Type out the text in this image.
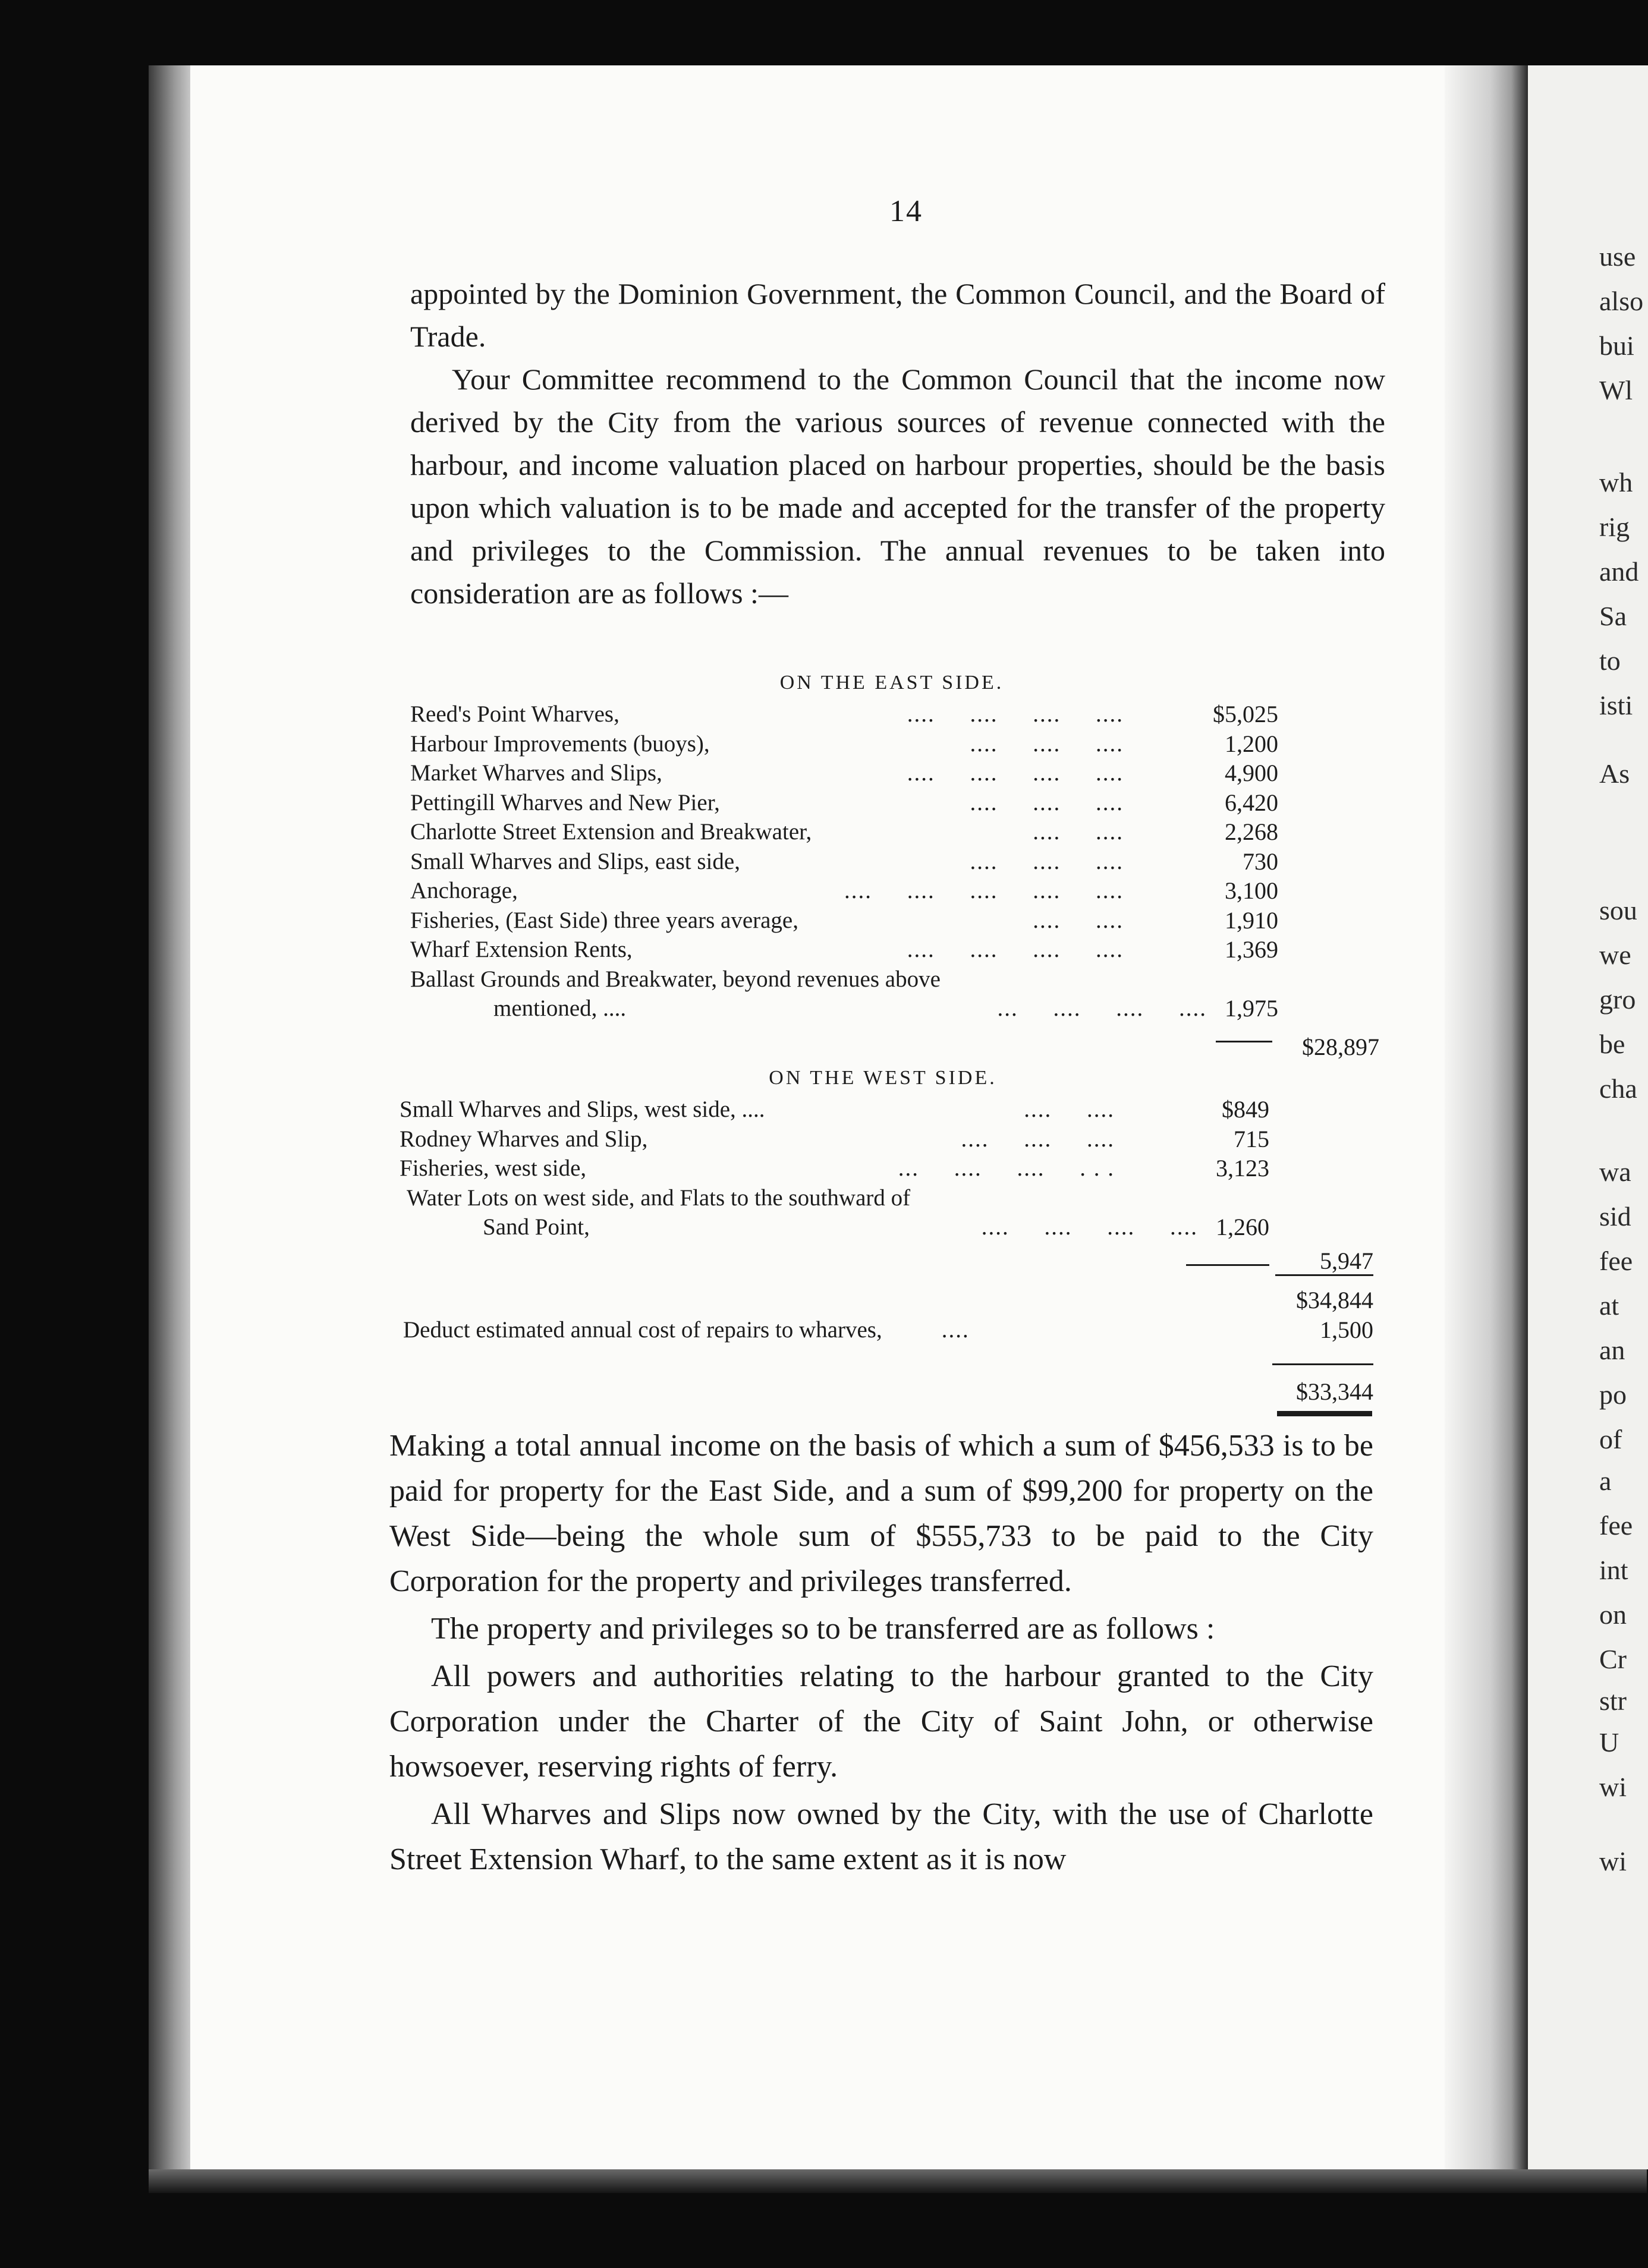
14

appointed by the Dominion Government, the Common Council, and the Board of Trade.

Your Committee recommend to the Common Council that the income now derived by the City from the various sources of revenue connected with the harbour, and income valuation placed on harbour properties, should be the basis upon which valuation is to be made and accepted for the transfer of the property and privileges to the Commission. The annual revenues to be taken into consideration are as follows :—

ON THE EAST SIDE.
Reed's Point Wharves,	....     ....     ....     ....	$5,025
Harbour Improvements (buoys),	....     ....     ....	1,200
Market Wharves and Slips,	....     ....     ....     ....	4,900
Pettingill Wharves and New Pier,	....     ....     ....	6,420
Charlotte Street Extension and Breakwater,	....     ....	2,268
Small Wharves and Slips, east side,	....     ....     ....	730
Anchorage,	....     ....     ....     ....     ....	3,100
Fisheries, (East Side) three years average,	....     ....	1,910
Wharf Extension Rents,	....     ....     ....     ....	1,369
Ballast Grounds and Breakwater, beyond revenues above
mentioned, ....	...     ....     ....     .... 1,975
$28,897
ON THE WEST SIDE.
Small Wharves and Slips, west side, ....	....     ....	$849
Rodney Wharves and Slip,	....     ....     ....	715
Fisheries, west side,	...     ....     ....     . . .	3,123
Water Lots on west side, and Flats to the southward of
Sand Point,	....     ....     ....     .... 1,260
5,947
$34,844
Deduct estimated annual cost of repairs to wharves,	....	1,500
$33,344

Making a total annual income on the basis of which a sum of $456,533 is to be paid for property for the East Side, and a sum of $99,200 for property on the West Side—being the whole sum of $555,733 to be paid to the City Corporation for the property and privileges transferred.

The property and privileges so to be transferred are as follows :

All powers and authorities relating to the harbour granted to the City Corporation under the Charter of the City of Saint John, or otherwise howsoever, reserving rights of ferry.

All Wharves and Slips now owned by the City, with the use of Charlotte Street Extension Wharf, to the same extent as it is now

use
also
bui
Wl
wh
rig
and
Sa
to
isti
As
sou
we
gro
be
cha
wa
sid
fee
at
an
po
of
a
fee
int
on
Cr
str
U
wi
wi
